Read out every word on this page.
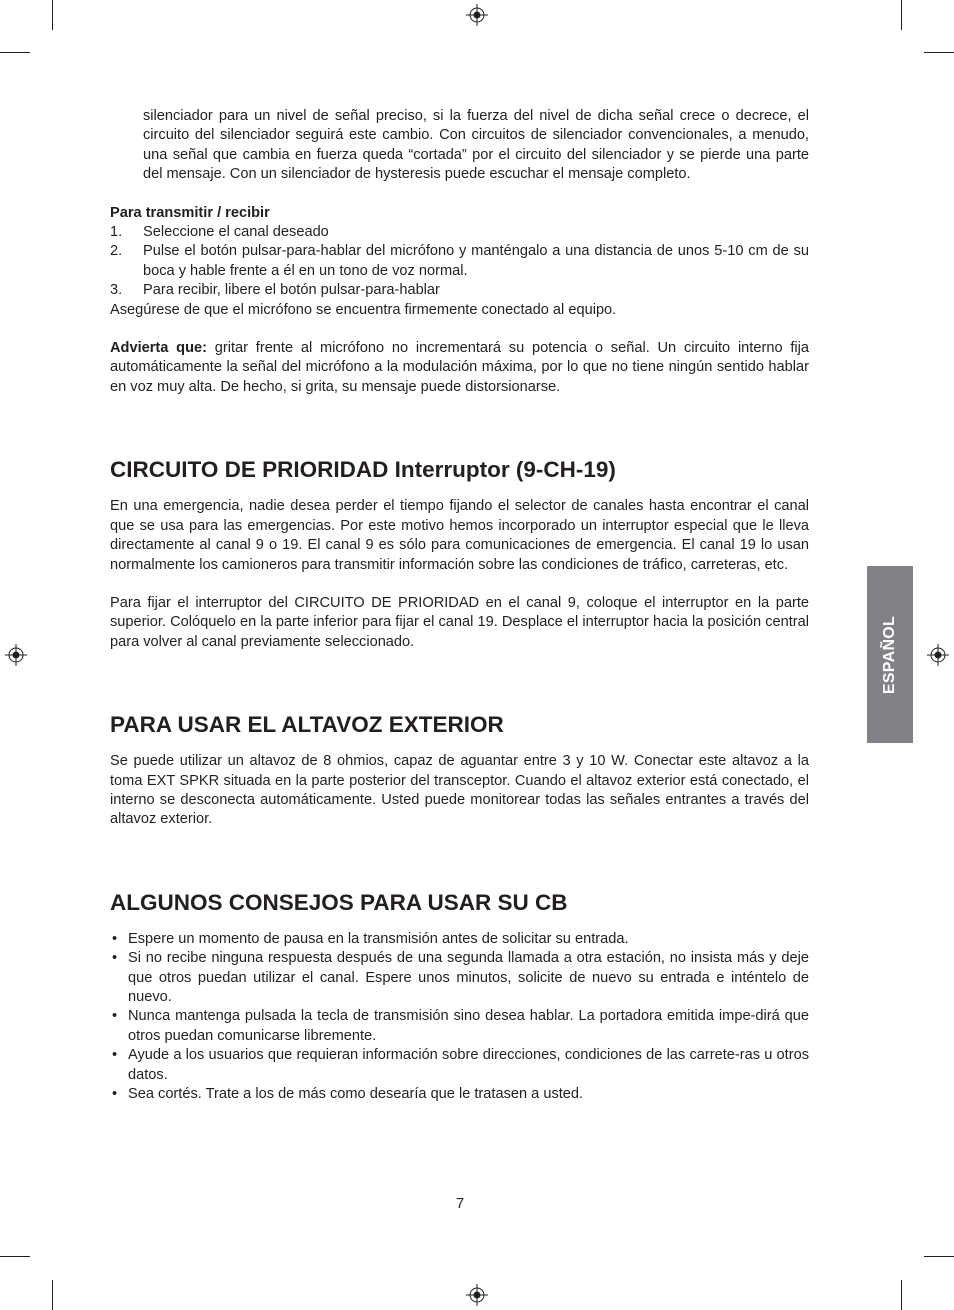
ESPAÑOL

silenciador para un nivel de señal preciso, si la fuerza del nivel de dicha señal crece o decrece, el circuito del silenciador seguirá este cambio. Con circuitos de silenciador convencionales, a menudo, una señal que cambia en fuerza queda “cortada” por el circuito del silenciador y se pierde una parte del mensaje. Con un silenciador de hysteresis puede escuchar el mensaje completo.

Para transmitir / recibir

1. Seleccione el canal deseado
2. Pulse el botón pulsar-para-hablar del micrófono y manténgalo a una distancia de unos 5-10 cm de su boca y hable frente a él en un tono de voz normal.
3. Para recibir, libere el botón pulsar-para-hablar

Asegúrese de que el micrófono se encuentra firmemente conectado al equipo.

Advierta que: gritar frente al micrófono no incrementará su potencia o señal. Un circuito interno fija automáticamente la señal del micrófono a la modulación máxima, por lo que no tiene ningún sentido hablar en voz muy alta. De hecho, si grita, su mensaje puede distorsionarse.

CIRCUITO DE PRIORIDAD Interruptor (9-CH-19)

En una emergencia, nadie desea perder el tiempo fijando el selector de canales hasta encontrar el canal que se usa para las emergencias. Por este motivo hemos incorporado un interruptor especial que le lleva directamente al canal 9 o 19. El canal 9 es sólo para comunicaciones de emergencia. El canal 19 lo usan normalmente los camioneros para transmitir información sobre las condiciones de tráfico, carreteras, etc.

Para fijar el interruptor del CIRCUITO DE PRIORIDAD en el canal 9, coloque el interruptor en la parte superior. Colóquelo en la parte inferior para fijar el canal 19. Desplace el interruptor hacia la posición central para volver al canal previamente seleccionado.

PARA USAR EL ALTAVOZ EXTERIOR

Se puede utilizar un altavoz de 8 ohmios, capaz de aguantar entre 3 y 10 W. Conectar este altavoz a la toma EXT SPKR situada en la parte posterior del transceptor. Cuando el altavoz exterior está conectado, el interno se desconecta automáticamente. Usted puede monitorear todas las señales entrantes a través del altavoz exterior.

ALGUNOS CONSEJOS PARA USAR SU CB
• Espere un momento de pausa en la transmisión antes de solicitar su entrada.
• Si no recibe ninguna respuesta después de una segunda llamada a otra estación, no insista más y deje que otros puedan utilizar el canal. Espere unos minutos, solicite de nuevo su entrada e inténtelo de nuevo.
• Nunca mantenga pulsada la tecla de transmisión sino desea hablar. La portadora emitida impe-dirá que otros puedan comunicarse libremente.
• Ayude a los usuarios que requieran información sobre direcciones, condiciones de las carrete-ras u otros datos.
• Sea cortés. Trate a los de más como desearía que le tratasen a usted.
7
